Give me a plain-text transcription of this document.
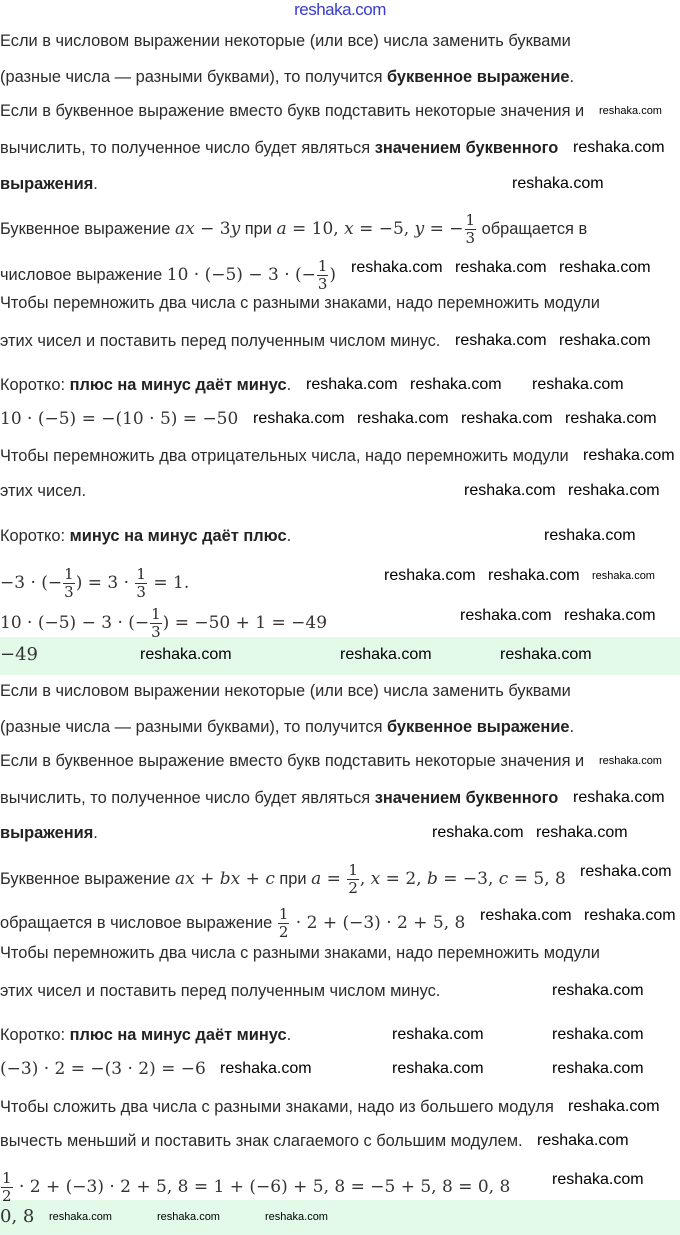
reshaka.com
−49
0, 8
Если в числовом выражении некоторые (или все) числа заменить буквами
(разные числа — разными буквами), то получится буквенное выражение.
Если в буквенное выражение вместо букв подставить некоторые значения и
вычислить, то полученное число будет являться значением буквенного
выражения.
Буквенное выражение ax − 3y при a = 10, x = −5, y = − $\frac{1}{3}$ обращается в
числовое выражение 10 · (−5) − 3 · (− $\frac{1}{3}$ )
Чтобы перемножить два числа с разными знаками, надо перемножить модули
этих чисел и поставить перед полученным числом минус.
Коротко: плюс на минус даёт минус.
10 · (−5) = −(10 · 5) = −50
Чтобы перемножить два отрицательных числа, надо перемножить модули
этих чисел.
Коротко: минус на минус даёт плюс.
−3 · (− $\frac{1}{3}$ ) = $3 \cdot \frac{1}{3} = 1$.
10 · (−5) − 3 · (− $\frac{1}{3}$ ) = −50 + 1 = −49
Если в числовом выражении некоторые (или все) числа заменить буквами
(разные числа — разными буквами), то получится буквенное выражение.
Если в буквенное выражение вместо букв подставить некоторые значения и
вычислить, то полученное число будет являться значением буквенного
выражения.
Буквенное выражение ax + bx + c при $a = \frac{1}{2}$ , x = 2, b = −3, c = 5, 8
обращается в числовое выражение $\frac{1}{2} \cdot 2 + (-3) \cdot 2 + 5$, 8
Чтобы перемножить два числа с разными знаками, надо перемножить модули
этих чисел и поставить перед полученным числом минус.
Коротко: плюс на минус даёт минус.
(−3) · 2 = −(3 · 2) = −6
Чтобы сложить два числа с разными знаками, надо из большего модуля
вычесть меньший и поставить знак слагаемого с большим модулем.
$\frac{1}{2} \cdot 2 + (-3) \cdot 2 + 5$, 8 = 1 + (−6) + 5, 8 = −5 + 5, 8 = 0, 8
reshaka.com
reshaka.com
reshaka.com
reshaka.com reshaka.com reshaka.com
reshaka.com reshaka.com
reshaka.com reshaka.com reshaka.com
reshaka.com reshaka.com reshaka.com reshaka.com
reshaka.com
reshaka.com reshaka.com
reshaka.com
reshaka.com reshaka.com reshaka.com
reshaka.com reshaka.com
reshaka.com	reshaka.com	reshaka.com
reshaka.com
reshaka.com
reshaka.com reshaka.com
reshaka.com
reshaka.com reshaka.com
reshaka.com
reshaka.com	reshaka.com
reshaka.com	reshaka.com	reshaka.com
reshaka.com
reshaka.com
reshaka.com
reshaka.com	reshaka.com	reshaka.com
